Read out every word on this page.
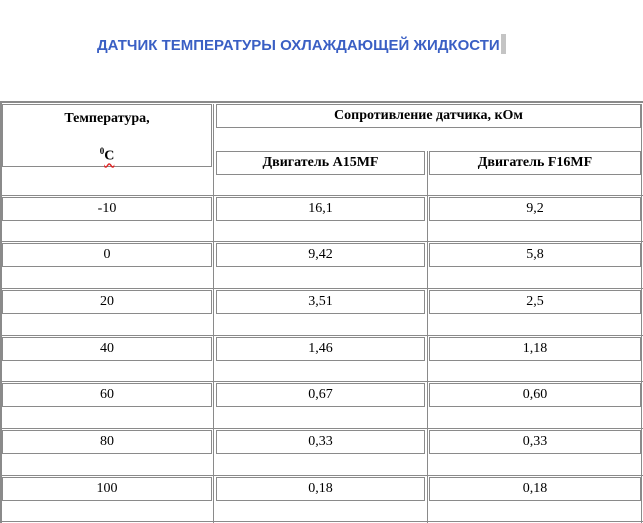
ДАТЧИК ТЕМПЕРАТУРЫ ОХЛАЖДАЮЩЕЙ ЖИДКОСТИ
Температура,
$^0$С
Сопротивление датчика, кОм
Двигатель A15MF	Двигатель F16MF
-10	16,1	9,2
0	9,42	5,8
20	3,51	2,5
40	1,46	1,18
60	0,67	0,60
80	0,33	0,33
100	0,18	0,18
